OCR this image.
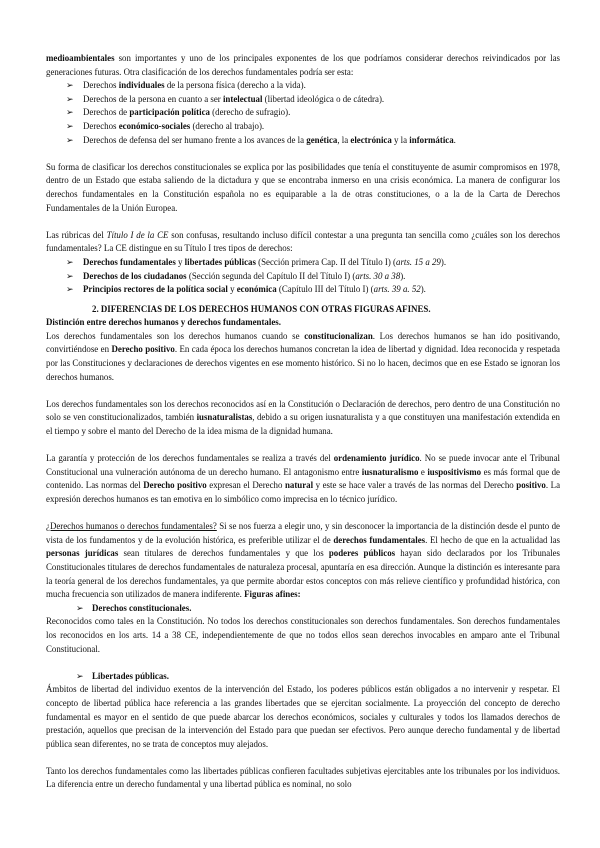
medioambientales son importantes y uno de los principales exponentes de los que podríamos considerar derechos reivindicados por las generaciones futuras. Otra clasificación de los derechos fundamentales podría ser esta:

➢ Derechos individuales de la persona física (derecho a la vida).
➢ Derechos de la persona en cuanto a ser intelectual (libertad ideológica o de cátedra).
➢ Derechos de participación política (derecho de sufragio).
➢ Derechos económico-sociales (derecho al trabajo).
➢ Derechos de defensa del ser humano frente a los avances de la genética, la electrónica y la informática.

Su forma de clasificar los derechos constitucionales se explica por las posibilidades que tenía el constituyente de asumir compromisos en 1978, dentro de un Estado que estaba saliendo de la dictadura y que se encontraba inmerso en una crisis económica. La manera de configurar los derechos fundamentales en la Constitución española no es equiparable a la de otras constituciones, o a la de la Carta de Derechos Fundamentales de la Unión Europea.

Las rúbricas del Título I de la CE son confusas, resultando incluso difícil contestar a una pregunta tan sencilla como ¿cuáles son los derechos fundamentales? La CE distingue en su Título I tres tipos de derechos:

➢ Derechos fundamentales y libertades públicas (Sección primera Cap. II del Título I) (arts. 15 a 29).
➢ Derechos de los ciudadanos (Sección segunda del Capítulo II del Título I) (arts. 30 a 38).
➢ Principios rectores de la política social y económica (Capítulo III del Título I) (arts. 39 a. 52).

2. DIFERENCIAS DE LOS DERECHOS HUMANOS CON OTRAS FIGURAS AFINES.

Distinción entre derechos humanos y derechos fundamentales.

Los derechos fundamentales son los derechos humanos cuando se constitucionalizan. Los derechos humanos se han ido positivando, convirtiéndose en Derecho positivo. En cada época los derechos humanos concretan la idea de libertad y dignidad. Idea reconocida y respetada por las Constituciones y declaraciones de derechos vigentes en ese momento histórico. Si no lo hacen, decimos que en ese Estado se ignoran los derechos humanos.

Los derechos fundamentales son los derechos reconocidos así en la Constitución o Declaración de derechos, pero dentro de una Constitución no solo se ven constitucionalizados, también iusnaturalistas, debido a su origen iusnaturalista y a que constituyen una manifestación extendida en el tiempo y sobre el manto del Derecho de la idea misma de la dignidad humana.

La garantía y protección de los derechos fundamentales se realiza a través del ordenamiento jurídico. No se puede invocar ante el Tribunal Constitucional una vulneración autónoma de un derecho humano. El antagonismo entre iusnaturalismo e iuspositivismo es más formal que de contenido. Las normas del Derecho positivo expresan el Derecho natural y este se hace valer a través de las normas del Derecho positivo. La expresión derechos humanos es tan emotiva en lo simbólico como imprecisa en lo técnico jurídico.

¿Derechos humanos o derechos fundamentales? Si se nos fuerza a elegir uno, y sin desconocer la importancia de la distinción desde el punto de vista de los fundamentos y de la evolución histórica, es preferible utilizar el de derechos fundamentales. El hecho de que en la actualidad las personas jurídicas sean titulares de derechos fundamentales y que los poderes públicos hayan sido declarados por los Tribunales Constitucionales titulares de derechos fundamentales de naturaleza procesal, apuntaría en esa dirección. Aunque la distinción es interesante para la teoría general de los derechos fundamentales, ya que permite abordar estos conceptos con más relieve científico y profundidad histórica, con mucha frecuencia son utilizados de manera indiferente. Figuras afines:

➢ Derechos constitucionales.

Reconocidos como tales en la Constitución. No todos los derechos constitucionales son derechos fundamentales. Son derechos fundamentales los reconocidos en los arts. 14 a 38 CE, independientemente de que no todos ellos sean derechos invocables en amparo ante el Tribunal Constitucional.

➢ Libertades públicas.

Ámbitos de libertad del individuo exentos de la intervención del Estado, los poderes públicos están obligados a no intervenir y respetar. El concepto de libertad pública hace referencia a las grandes libertades que se ejercitan socialmente. La proyección del concepto de derecho fundamental es mayor en el sentido de que puede abarcar los derechos económicos, sociales y culturales y todos los llamados derechos de prestación, aquellos que precisan de la intervención del Estado para que puedan ser efectivos. Pero aunque derecho fundamental y de libertad pública sean diferentes, no se trata de conceptos muy alejados.

Tanto los derechos fundamentales como las libertades públicas confieren facultades subjetivas ejercitables ante los tribunales por los individuos. La diferencia entre un derecho fundamental y una libertad pública es nominal, no solo
